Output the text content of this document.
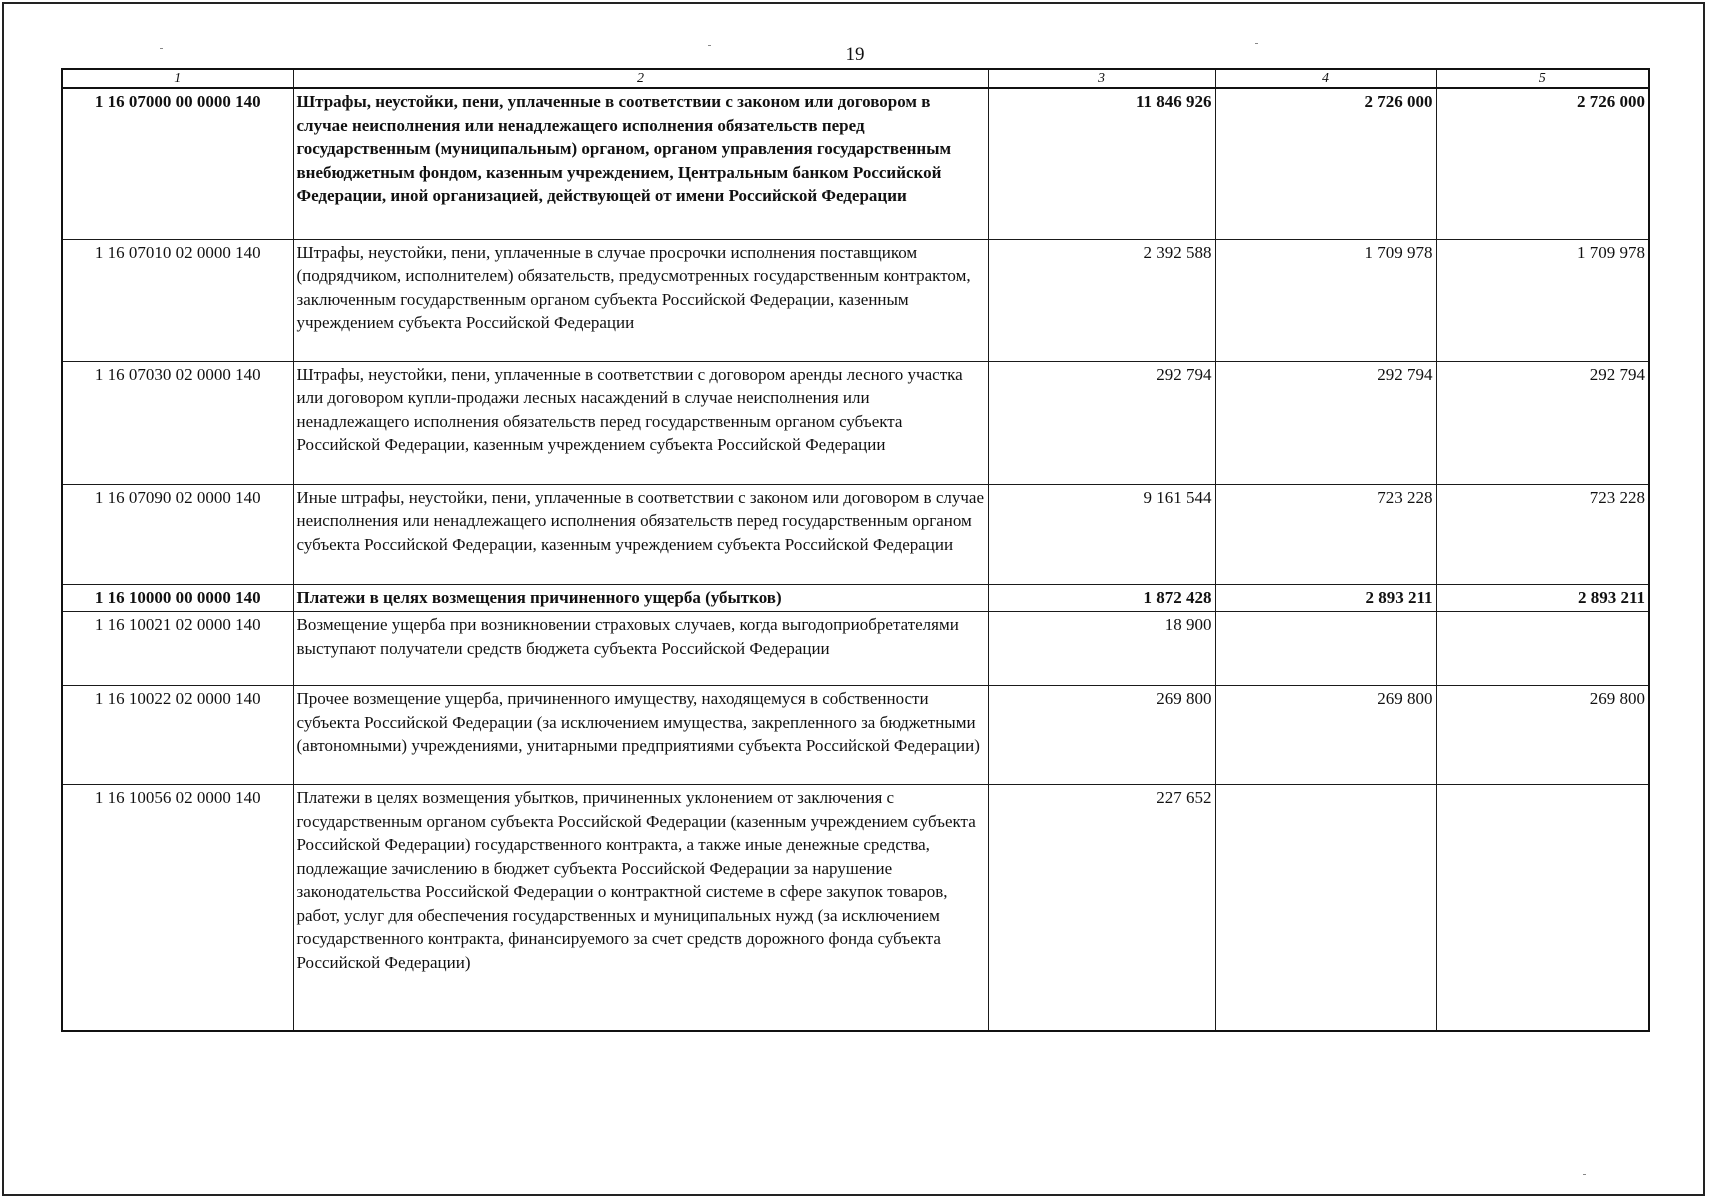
19
1	2	3	4	5
1 16 07000 00 0000 140	Штрафы, неустойки, пени, уплаченные в соответствии с законом или договором в случае неисполнения или ненадлежащего исполнения обязательств перед государственным (муниципальным) органом, органом управления государственным внебюджетным фондом, казенным учреждением, Центральным банком Российской Федерации, иной организацией, действующей от имени Российской Федерации	11 846 926	2 726 000	2 726 000
1 16 07010 02 0000 140	Штрафы, неустойки, пени, уплаченные в случае просрочки исполнения поставщиком (подрядчиком, исполнителем) обязательств, предусмотренных государственным контрактом, заключенным государственным органом субъекта Российской Федерации, казенным учреждением субъекта Российской Федерации	2 392 588	1 709 978	1 709 978
1 16 07030 02 0000 140	Штрафы, неустойки, пени, уплаченные в соответствии с договором аренды лесного участка или договором купли-продажи лесных насаждений в случае неисполнения или ненадлежащего исполнения обязательств перед государственным органом субъекта Российской Федерации, казенным учреждением субъекта Российской Федерации	292 794	292 794	292 794
1 16 07090 02 0000 140	Иные штрафы, неустойки, пени, уплаченные в соответствии с законом или договором в случае неисполнения или ненадлежащего исполнения обязательств перед государственным органом субъекта Российской Федерации, казенным учреждением субъекта Российской Федерации	9 161 544	723 228	723 228
1 16 10000 00 0000 140	Платежи в целях возмещения причиненного ущерба (убытков)	1 872 428	2 893 211	2 893 211
1 16 10021 02 0000 140	Возмещение ущерба при возникновении страховых случаев, когда выгодоприобретателями выступают получатели средств бюджета субъекта Российской Федерации	18 900		
1 16 10022 02 0000 140	Прочее возмещение ущерба, причиненного имуществу, находящемуся в собственности субъекта Российской Федерации (за исключением имущества, закрепленного за бюджетными (автономными) учреждениями, унитарными предприятиями субъекта Российской Федерации)	269 800	269 800	269 800
1 16 10056 02 0000 140	Платежи в целях возмещения убытков, причиненных уклонением от заключения с государственным органом субъекта Российской Федерации (казенным учреждением субъекта Российской Федерации) государственного контракта, а также иные денежные средства, подлежащие зачислению в бюджет субъекта Российской Федерации за нарушение законодательства Российской Федерации о контрактной системе в сфере закупок товаров, работ, услуг для обеспечения государственных и муниципальных нужд (за исключением государственного контракта, финансируемого за счет средств дорожного фонда субъекта Российской Федерации)	227 652		
